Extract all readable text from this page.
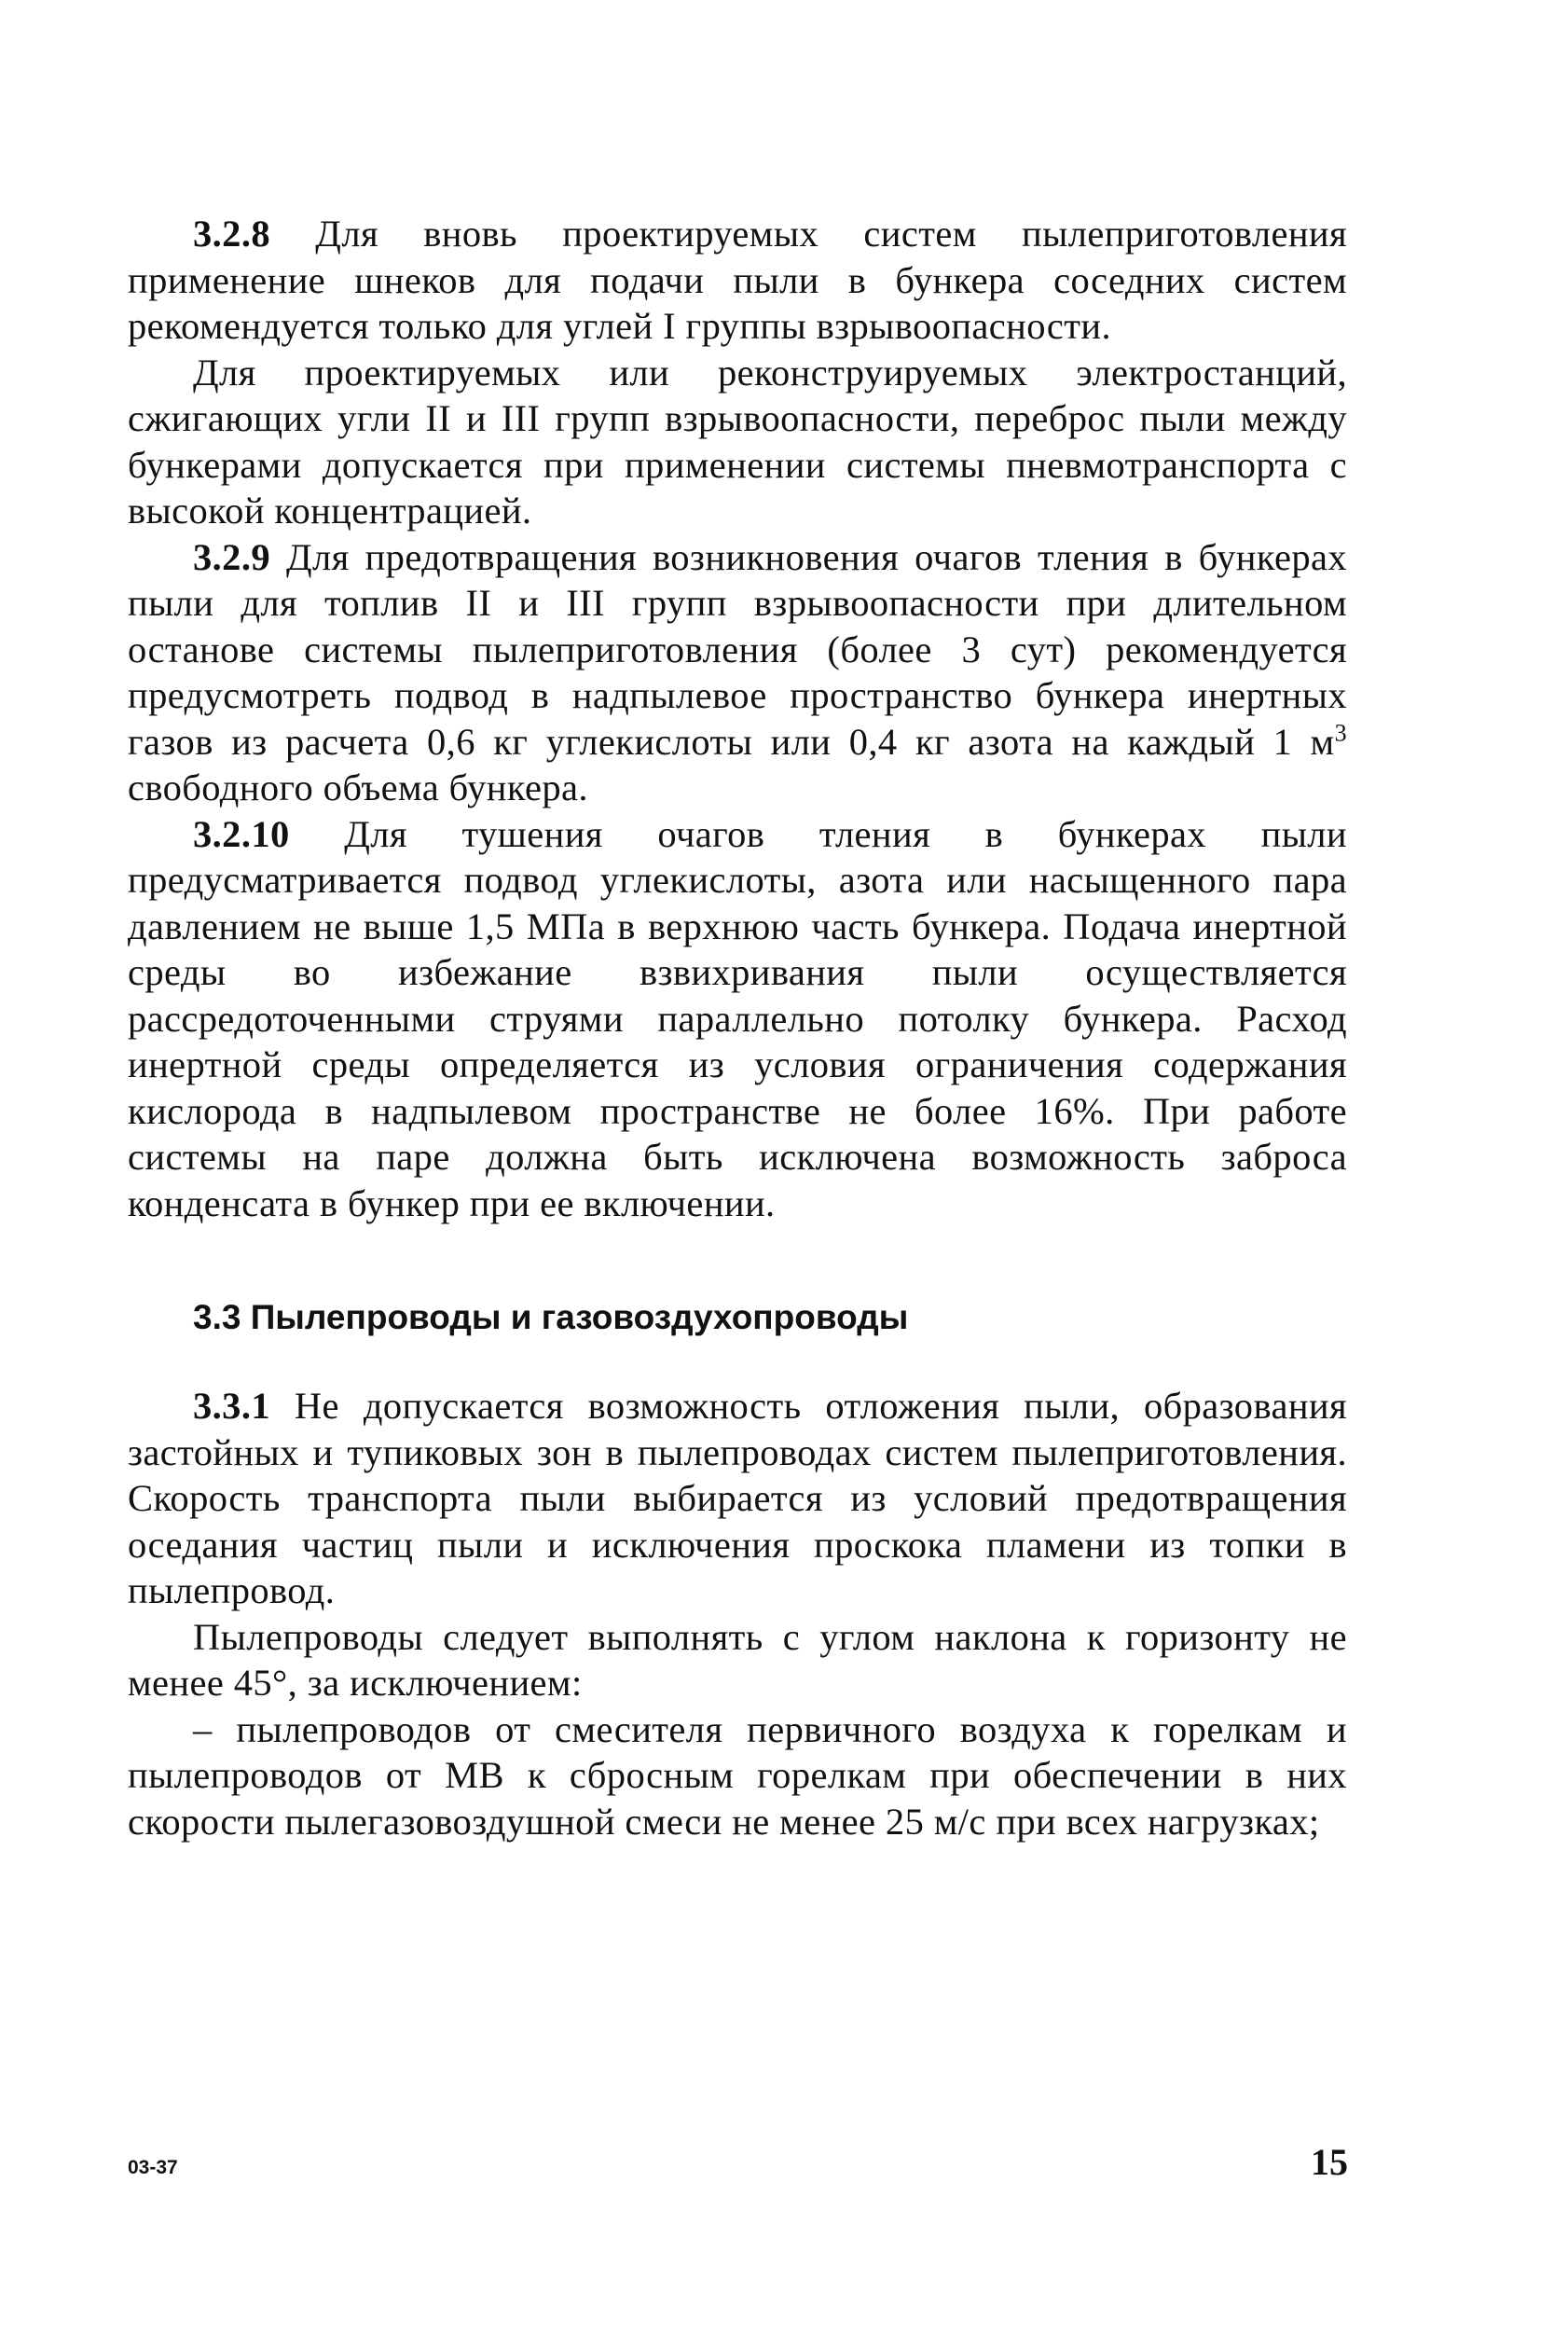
3.2.8 Для вновь проектируемых систем пылеприготовления применение шнеков для подачи пыли в бункера соседних систем рекомендуется только для углей I группы взрывоопасности.

Для проектируемых или реконструируемых электростанций, сжигающих угли II и III групп взрывоопасности, переброс пыли между бункерами допускается при применении системы пневмотранспорта с высокой концентрацией.

3.2.9 Для предотвращения возникновения очагов тления в бункерах пыли для топлив II и III групп взрывоопасности при длительном останове системы пылеприготовления (более 3 сут) рекомендуется предусмотреть подвод в надпылевое пространство бункера инертных газов из расчета 0,6 кг углекислоты или 0,4 кг азота на каждый 1 $м^3$ свободного объема бункера.

3.2.10 Для тушения очагов тления в бункерах пыли предусматривается подвод углекислоты, азота или насыщенного пара давлением не выше 1,5 МПа в верхнюю часть бункера. Подача инертной среды во избежание взвихривания пыли осуществляется рассредоточенными струями параллельно потолку бункера. Расход инертной среды определяется из условия ограничения содержания кислорода в надпылевом пространстве не более 16%. При работе системы на паре должна быть исключена возможность заброса конденсата в бункер при ее включении.

3.3 Пылепроводы и газовоздухопроводы

3.3.1 Не допускается возможность отложения пыли, образования застойных и тупиковых зон в пылепроводах систем пылеприготовления. Скорость транспорта пыли выбирается из условий предотвращения оседания частиц пыли и исключения проскока пламени из топки в пылепровод.

Пылепроводы следует выполнять с углом наклона к горизонту не менее 45°, за исключением:

– пылепроводов от смесителя первичного воздуха к горелкам и пылепроводов от МВ к сбросным горелкам при обеспечении в них скорости пылегазовоздушной смеси не менее 25 м/с при всех нагрузках;

03-37	15
